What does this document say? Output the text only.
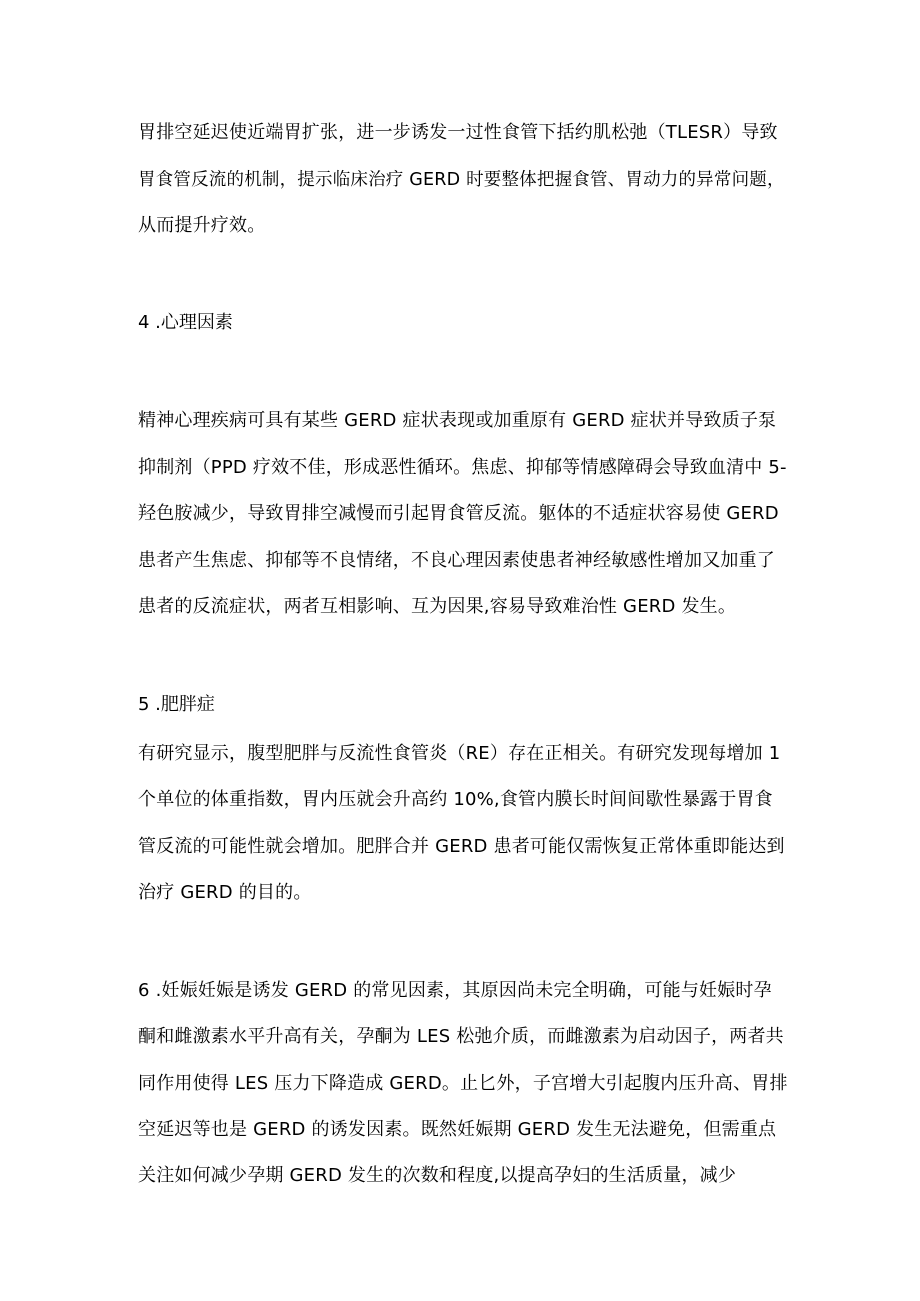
胃排空延迟使近端胃扩张，进一步诱发一过性食管下括约肌松弛（TLESR）导致
胃食管反流的机制，提示临床治疗 GERD 时要整体把握食管、胃动力的异常问题，
从而提升疗效。
4 .心理因素
精神心理疾病可具有某些 GERD 症状表现或加重原有 GERD 症状并导致质子泵
抑制剂（PPD 疗效不佳，形成恶性循环。焦虑、抑郁等情感障碍会导致血清中 5-
羟色胺减少，导致胃排空减慢而引起胃食管反流。躯体的不适症状容易使 GERD
患者产生焦虑、抑郁等不良情绪，不良心理因素使患者神经敏感性增加又加重了
患者的反流症状，两者互相影响、互为因果,容易导致难治性 GERD 发生。
5 .肥胖症
有研究显示，腹型肥胖与反流性食管炎（RE）存在正相关。有研究发现每增加 1
个单位的体重指数，胃内压就会升高约 10%,食管内膜长时间间歇性暴露于胃食
管反流的可能性就会增加。肥胖合并 GERD 患者可能仅需恢复正常体重即能达到
治疗 GERD 的目的。
6 .妊娠妊娠是诱发 GERD 的常见因素，其原因尚未完全明确，可能与妊娠时孕
酮和雌激素水平升高有关，孕酮为 LES 松弛介质，而雌激素为启动因子，两者共
同作用使得 LES 压力下降造成 GERD。止匕外，子宫增大引起腹内压升高、胃排
空延迟等也是 GERD 的诱发因素。既然妊娠期 GERD 发生无法避免，但需重点
关注如何减少孕期 GERD 发生的次数和程度,以提高孕妇的生活质量，减少
